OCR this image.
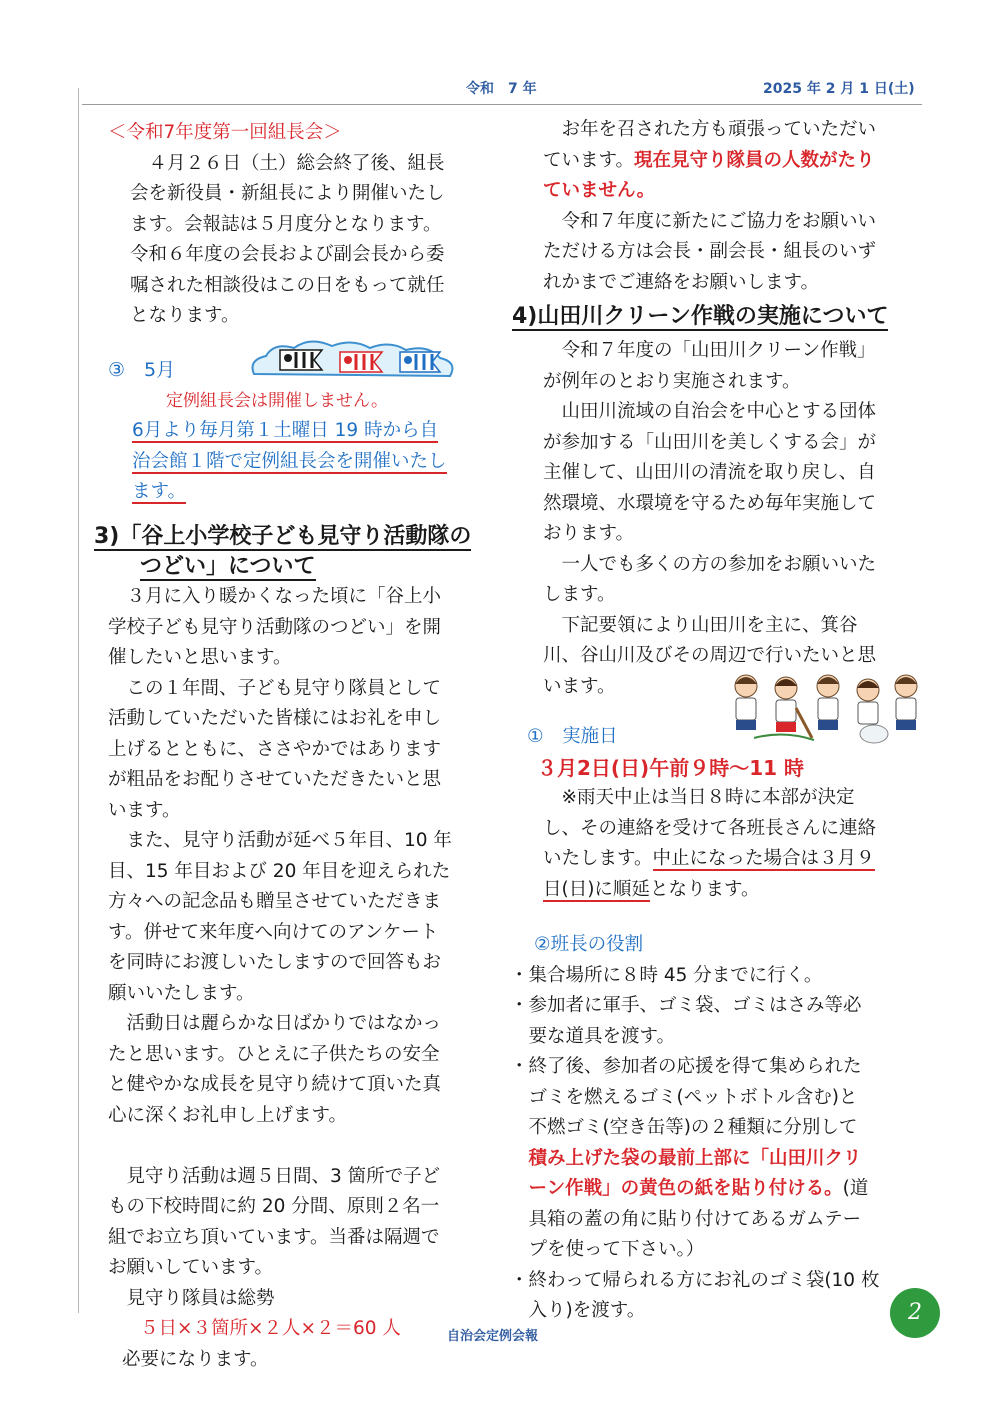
令和　7 年	2025 年 2 月 1 日(土)

＜令和7年度第一回組長会＞

　４月２６日（土）総会終了後、組長

会を新役員・新組長により開催いたし

ます。会報誌は５月度分となります。

令和６年度の会長および副会長から委

嘱された相談役はこの日をもって就任

となります。

③　5月

定例組長会は開催しません。

6月より毎月第１土曜日 19 時から自

治会館１階で定例組長会を開催いたし

ます。

3)「谷上小学校子ども見守り活動隊の
つどい」について

　３月に入り暖かくなった頃に「谷上小

学校子ども見守り活動隊のつどい」を開

催したいと思います。

　この１年間、子ども見守り隊員として

活動していただいた皆様にはお礼を申し

上げるとともに、ささやかではあります

が粗品をお配りさせていただきたいと思

います。

　また、見守り活動が延べ５年目、10 年

目、15 年目および 20 年目を迎えられた

方々への記念品も贈呈させていただきま

す。併せて来年度へ向けてのアンケート

を同時にお渡しいたしますので回答もお

願いいたします。

　活動日は麗らかな日ばかりではなかっ

たと思います。ひとえに子供たちの安全

と健やかな成長を見守り続けて頂いた真

心に深くお礼申し上げます。

　見守り活動は週５日間、3 箇所で子ど

もの下校時間に約 20 分間、原則２名一

組でお立ち頂いています。当番は隔週で

お願いしています。

　見守り隊員は総勢

５日×３箇所×２人×２＝60 人

必要になります。

　お年を召された方も頑張っていただい

ています。現在見守り隊員の人数がたり

ていません。

　令和７年度に新たにご協力をお願いい

ただける方は会長・副会長・組長のいず

れかまでご連絡をお願いします。

4)山田川クリーン作戦の実施について

　令和７年度の「山田川クリーン作戦」

が例年のとおり実施されます。

　山田川流域の自治会を中心とする団体

が参加する「山田川を美しくする会」が

主催して、山田川の清流を取り戻し、自

然環境、水環境を守るため毎年実施して

おります。

　一人でも多くの方の参加をお願いいた

します。

　下記要領により山田川を主に、箕谷

川、谷山川及びその周辺で行いたいと思

います。

①　実施日

３月2日(日)午前９時～11 時

　※雨天中止は当日８時に本部が決定

し、その連絡を受けて各班長さんに連絡

いたします。中止になった場合は３月９

日(日)に順延となります。

②班長の役割

・集合場所に８時 45 分までに行く。

・参加者に軍手、ゴミ袋、ゴミはさみ等必

　要な道具を渡す。

・終了後、参加者の応援を得て集められた

　ゴミを燃えるゴミ(ペットボトル含む)と

　不燃ゴミ(空き缶等)の２種類に分別して

　積み上げた袋の最前上部に「山田川クリ

　ーン作戦」の黄色の紙を貼り付ける。(道

　具箱の蓋の角に貼り付けてあるガムテー

　プを使って下さい。）

・終わって帰られる方にお礼のゴミ袋(10 枚

　入り)を渡す。

自治会定例会報
2
